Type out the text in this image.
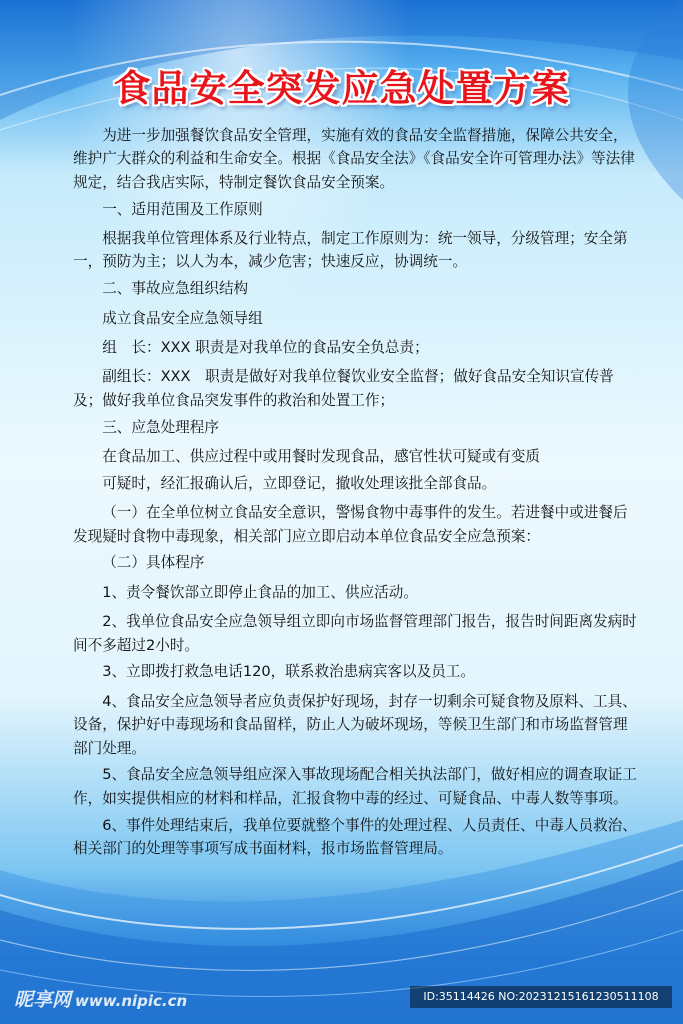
食品安全突发应急处置方案

为进一步加强餐饮食品安全管理，实施有效的食品安全监督措施，保障公共安全，维护广大群众的利益和生命安全。根据《食品安全法》《食品安全许可管理办法》等法律规定，结合我店实际，特制定餐饮食品安全预案。

一、适用范围及工作原则

根据我单位管理体系及行业特点，制定工作原则为：统一领导，分级管理；安全第一，预防为主；以人为本，减少危害；快速反应，协调统一。

二、事故应急组织结构

成立食品安全应急领导组

组　长：XXX 职责是对我单位的食品安全负总责；

副组长：XXX　职责是做好对我单位餐饮业安全监督；做好食品安全知识宣传普及；做好我单位食品突发事件的救治和处置工作；

三、应急处理程序

在食品加工、供应过程中或用餐时发现食品，感官性状可疑或有变质

可疑时，经汇报确认后，立即登记，撤收处理该批全部食品。

（一）在全单位树立食品安全意识，警惕食物中毒事件的发生。若进餐中或进餐后发现疑时食物中毒现象，相关部门应立即启动本单位食品安全应急预案：

（二）具体程序

1、责令餐饮部立即停止食品的加工、供应活动。

2、我单位食品安全应急领导组立即向市场监督管理部门报告，报告时间距离发病时间不多超过2小时。

3、立即拨打救急电话120，联系救治患病宾客以及员工。

4、食品安全应急领导者应负责保护好现场，封存一切剩余可疑食物及原料、工具、设备，保护好中毒现场和食品留样，防止人为破坏现场，等候卫生部门和市场监督管理部门处理。

5、食品安全应急领导组应深入事故现场配合相关执法部门，做好相应的调查取证工作，如实提供相应的材料和样品，汇报食物中毒的经过、可疑食品、中毒人数等事项。

6、事件处理结束后，我单位要就整个事件的处理过程、人员责任、中毒人员救治、相关部门的处理等事项写成书面材料，报市场监督管理局。

昵享网 www.nipic.cn	ID:35114426 NO:20231215161230511108
